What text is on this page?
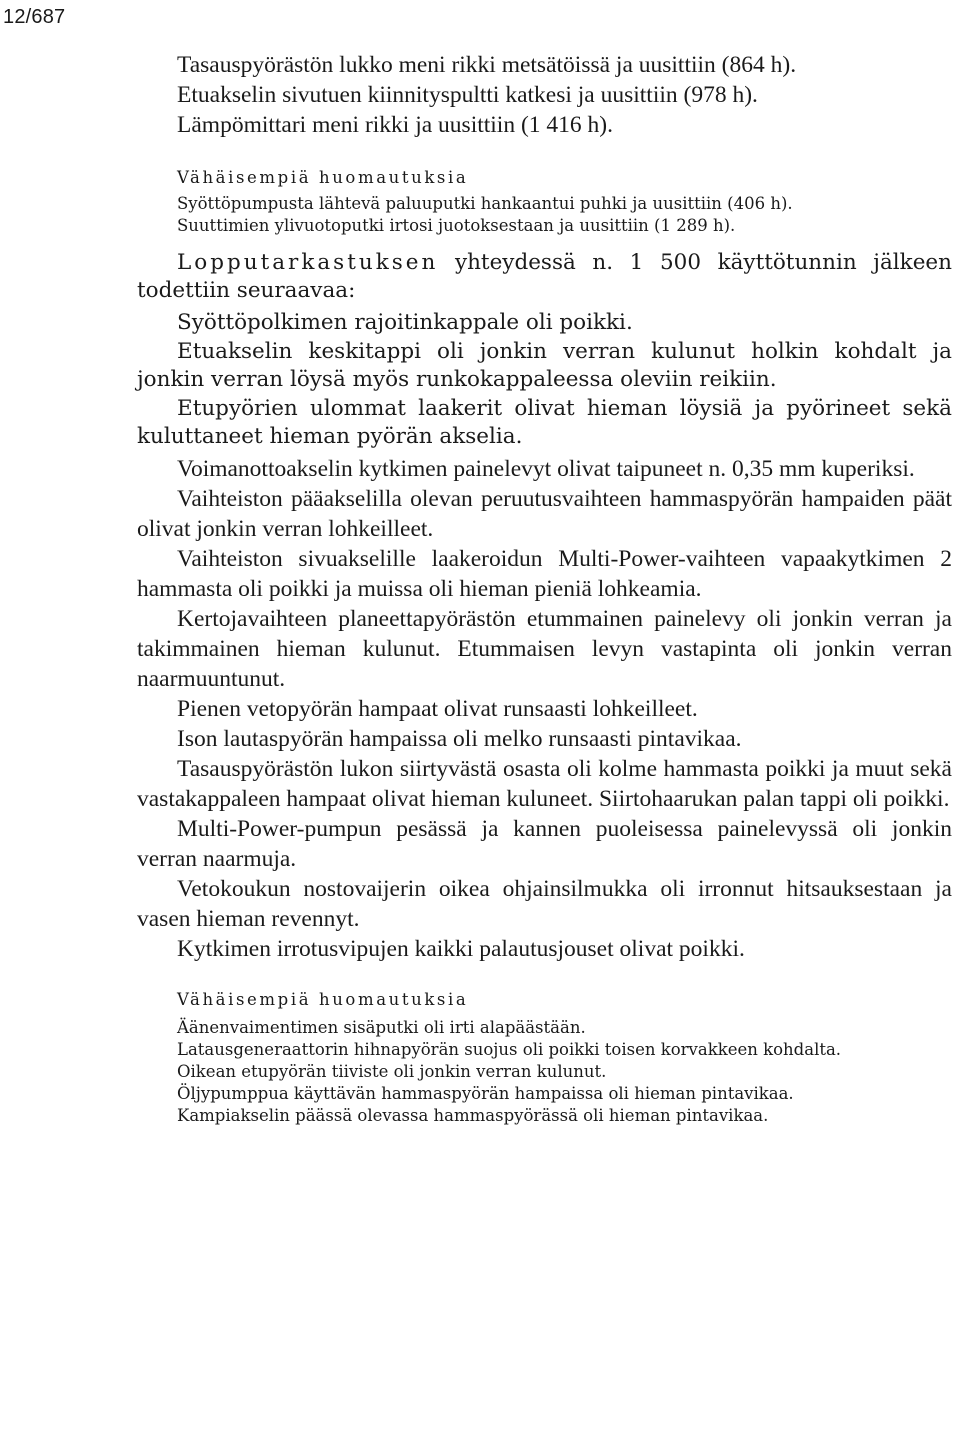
12/687

Tasauspyörästön lukko meni rikki metsätöissä ja uusittiin (864 h).

Etuakselin sivutuen kiinnityspultti katkesi ja uusittiin (978 h).

Lämpömittari meni rikki ja uusittiin (1 416 h).

Vähäisempiä huomautuksia

Syöttöpumpusta lähtevä paluuputki hankaantui puhki ja uusittiin (406 h).

Suuttimien ylivuotoputki irtosi juotoksestaan ja uusittiin (1 289 h).

Lopputarkastuksen yhteydessä n. 1 500 käyttötunnin jälkeen todettiin seuraavaa:

Syöttöpolkimen rajoitinkappale oli poikki.

Etuakselin keskitappi oli jonkin verran kulunut holkin kohdalt ja jonkin verran löysä myös runkokappaleessa oleviin reikiin.

Etupyörien ulommat laakerit olivat hieman löysiä ja pyörineet sekä kuluttaneet hieman pyörän akselia.

Voimanottoakselin kytkimen painelevyt olivat taipuneet n. 0,35 mm kuperiksi.

Vaihteiston pääakselilla olevan peruutusvaihteen hammaspyörän hampaiden päät olivat jonkin verran lohkeilleet.

Vaihteiston sivuakselille laakeroidun Multi-Power-vaihteen vapaakytkimen 2 hammasta oli poikki ja muissa oli hieman pieniä lohkeamia.

Kertojavaihteen planeettapyörästön etummainen painelevy oli jonkin verran ja takimmainen hieman kulunut. Etummaisen levyn vastapinta oli jonkin verran naarmuuntunut.

Pienen vetopyörän hampaat olivat runsaasti lohkeilleet.

Ison lautaspyörän hampaissa oli melko runsaasti pintavikaa.

Tasauspyörästön lukon siirtyvästä osasta oli kolme hammasta poikki ja muut sekä vastakappaleen hampaat olivat hieman kuluneet. Siirtohaarukan palan tappi oli poikki.

Multi-Power-pumpun pesässä ja kannen puoleisessa painelevyssä oli jonkin verran naarmuja.

Vetokoukun nostovaijerin oikea ohjainsilmukka oli irronnut hitsauksestaan ja vasen hieman revennyt.

Kytkimen irrotusvipujen kaikki palautusjouset olivat poikki.

Vähäisempiä huomautuksia

Äänenvaimentimen sisäputki oli irti alapäästään.

Latausgeneraattorin hihnapyörän suojus oli poikki toisen korvakkeen kohdalta.

Oikean etupyörän tiiviste oli jonkin verran kulunut.

Öljypumppua käyttävän hammaspyörän hampaissa oli hieman pintavikaa.

Kampiakselin päässä olevassa hammaspyörässä oli hieman pintavikaa.
